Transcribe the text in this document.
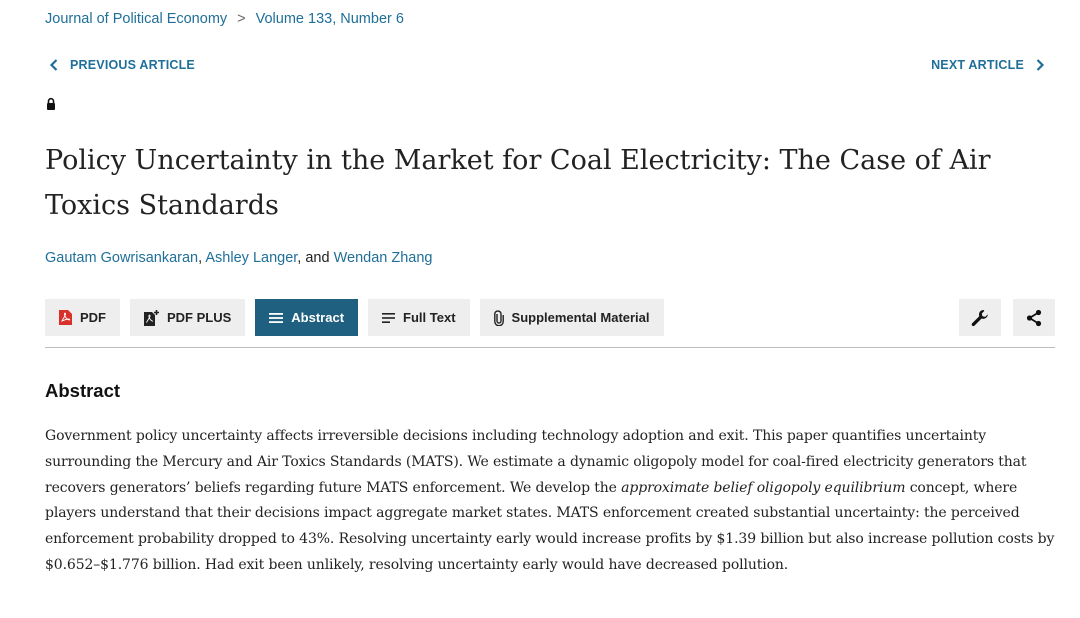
Journal of Political Economy > Volume 133, Number 6
PREVIOUS ARTICLE	NEXT ARTICLE
Policy Uncertainty in the Market for Coal Electricity: The Case of Air Toxics Standards
Gautam Gowrisankaran, Ashley Langer, and Wendan Zhang
PDF	PDF PLUS	Abstract	Full Text	Supplemental Material
Abstract

Government policy uncertainty affects irreversible decisions including technology adoption and exit. This paper quantifies uncertainty surrounding the Mercury and Air Toxics Standards (MATS). We estimate a dynamic oligopoly model for coal-fired electricity generators that recovers generators’ beliefs regarding future MATS enforcement. We develop the approximate belief oligopoly equilibrium concept, where players understand that their decisions impact aggregate market states. MATS enforcement created substantial uncertainty: the perceived enforcement probability dropped to 43%. Resolving uncertainty early would increase profits by $1.39 billion but also increase pollution costs by $0.652–$1.776 billion. Had exit been unlikely, resolving uncertainty early would have decreased pollution.
